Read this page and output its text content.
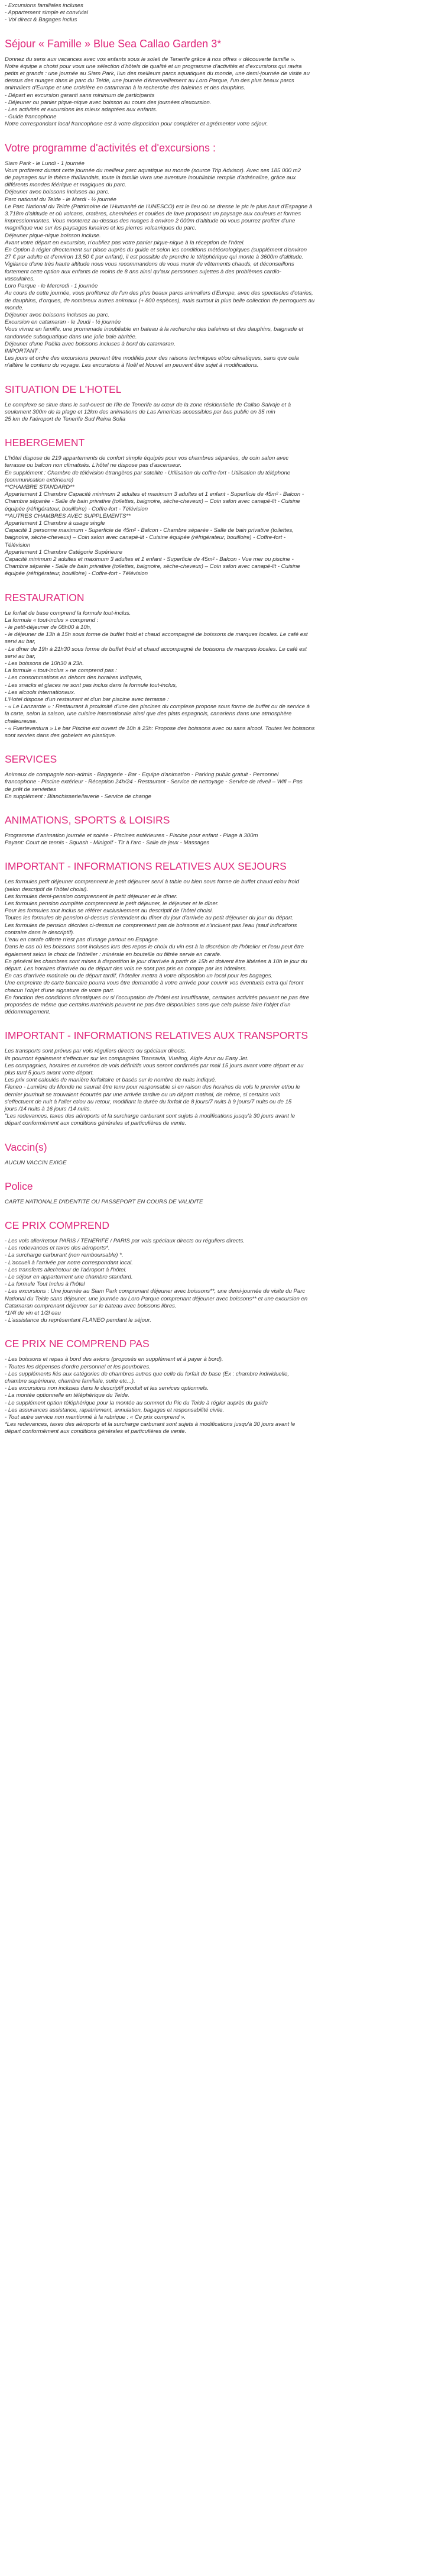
- Excursions familiales incluses

- Appartement simple et convivial

- Vol direct & Bagages inclus

Séjour « Famille » Blue Sea Callao Garden 3*

Donnez du sens aux vacances avec vos enfants sous le soleil de Tenerife grâce à nos offres « découverte famille ».

Notre équipe a choisi pour vous une sélection d'hôtels de qualité et un programme d'activités et d'excursions qui ravira

petits et grands : une journée au Siam Park, l'un des meilleurs parcs aquatiques du monde, une demi-journée de visite au

dessus des nuages dans le parc du Teide, une journée d'émerveillement au Loro Parque, l'un des plus beaux parcs

animaliers d'Europe et une croisière en catamaran à la recherche des baleines et des dauphins.

- Départ en excursion garanti sans minimum de participants

- Déjeuner ou panier pique-nique avec boisson au cours des journées d'excursion.

- Les activités et excursions les mieux adaptées aux enfants.

- Guide francophone

Notre correspondant local francophone est à votre disposition pour compléter et agrémenter votre séjour.

Votre programme d'activités et d'excursions :

Siam Park - le Lundi - 1 journée

Vous profiterez durant cette journée du meilleur parc aquatique au monde (source Trip Advisor). Avec ses 185 000 m2

de paysages sur le thème thaïlandais, toute la famille vivra une aventure inoubliable remplie d'adrénaline, grâce aux

différents mondes féérique et magiques du parc.

Déjeuner avec boissons incluses au parc.

Parc national du Teide - le Mardi - ½ journée

Le Parc National du Teide (Patrimoine de l'Humanité de l'UNESCO) est le lieu où se dresse le pic le plus haut d'Espagne à

3.718m d'altitude et où volcans, cratères, cheminées et coulées de lave proposent un paysage aux couleurs et formes

impressionnantes. Vous monterez au-dessus des nuages à environ 2 000m d'altitude où vous pourrez profiter d'une

magnifique vue sur les paysages lunaires et les pierres volcaniques du parc.

Déjeuner pique-nique boisson incluse.

Avant votre départ en excursion, n'oubliez pas votre panier pique-nique à la réception de l'hôtel.

En Option à régler directement sur place auprès du guide et selon les conditions météorologiques (supplément d'environ

27 € par adulte et d'environ 13,50 € par enfant), il est possible de prendre le téléphérique qui monte à 3600m d'altitude.

Vigilance d'une très haute altitude nous vous recommandons de vous munir de vêtements chauds, et déconseillons

fortement cette option aux enfants de moins de 8 ans ainsi qu'aux personnes sujettes à des problèmes cardio-

vasculaires.

Loro Parque - le Mercredi - 1 journée

Au cours de cette journée, vous profiterez de l'un des plus beaux parcs animaliers d'Europe, avec des spectacles d'otaries,

de dauphins, d'orques, de nombreux autres animaux (+ 800 espèces), mais surtout la plus belle collection de perroquets au

monde.

Déjeuner avec boissons incluses au parc.

Excursion en catamaran - le Jeudi - ½ journée

Vous vivrez en famille, une promenade inoubliable en bateau à la recherche des baleines et des dauphins, baignade et

randonnée subaquatique dans une jolie baie abritée.

Déjeuner d'une Paëlla avec boissons incluses à bord du catamaran.

IMPORTANT :

Les jours et ordre des excursions peuvent être modifiés pour des raisons techniques et/ou climatiques, sans que cela

n'altère le contenu du voyage. Les excursions à Noël et Nouvel an peuvent être sujet à modifications.

SITUATION DE L'HOTEL

Le complexe se situe dans le sud-ouest de l'île de Tenerife au cœur de la zone résidentielle de Callao Salvaje et à

seulement 300m de la plage et 12km des animations de Las Americas accessibles par bus public en 35 min

25 km de l'aéroport de Tenerife Sud Reina Sofia

HEBERGEMENT

L'hôtel dispose de 219 appartements de confort simple équipés pour vos chambres séparées, de coin salon avec

terrasse ou balcon non climatisés. L'hôtel ne dispose pas d'ascenseur.

En supplément : Chambre de télévision étrangères par satellite - Utilisation du coffre-fort - Utilisation du téléphone

(communication extérieure)

**CHAMBRE STANDARD**

Appartement 1 Chambre Capacité minimum 2 adultes et maximum 3 adultes et 1 enfant - Superficie de 45m² - Balcon -

Chambre séparée - Salle de bain privative (toilettes, baignoire, sèche-cheveux) – Coin salon avec canapé-lit - Cuisine

équipée (réfrigérateur, bouilloire) - Coffre-fort - Télévision

**AUTRES CHAMBRES AVEC SUPPLÉMENTS**

Appartement 1 Chambre à usage single

Capacité 1 personne maximum - Superficie de 45m² - Balcon - Chambre séparée - Salle de bain privative (toilettes,

baignoire, sèche-cheveux) – Coin salon avec canapé-lit - Cuisine équipée (réfrigérateur, bouilloire) - Coffre-fort -

Télévision

Appartement 1 Chambre Catégorie Supérieure

Capacité minimum 2 adultes et maximum 3 adultes et 1 enfant - Superficie de 45m² - Balcon - Vue mer ou piscine -

Chambre séparée - Salle de bain privative (toilettes, baignoire, sèche-cheveux) – Coin salon avec canapé-lit - Cuisine

équipée (réfrigérateur, bouilloire) - Coffre-fort - Télévision

RESTAURATION

Le forfait de base comprend la formule tout-inclus.

La formule « tout-inclus » comprend :

- le petit-déjeuner de 08h00 à 10h,

- le déjeuner de 13h à 15h sous forme de buffet froid et chaud accompagné de boissons de marques locales. Le café est

servi au bar,

- Le dîner de 19h à 21h30 sous forme de buffet froid et chaud accompagné de boissons de marques locales. Le café est

servi au bar,

- Les boissons de 10h30 à 23h.

La formule « tout-inclus » ne comprend pas :

- Les consommations en dehors des horaires indiqués,

- Les snacks et glaces ne sont pas inclus dans la formule tout-inclus,

- Les alcools internationaux.

L'Hotel dispose d'un restaurant et d'un bar piscine avec terrasse :

- « Le Lanzarote » : Restaurant à proximité d'une des piscines du complexe propose sous forme de buffet ou de service à

la carte, selon la saison, une cuisine internationale ainsi que des plats espagnols, canariens dans une atmosphère

chaleureuse.

- « Fuerteventura » Le bar Piscine est ouvert de 10h à 23h: Propose des boissons avec ou sans alcool. Toutes les boissons

sont servies dans des gobelets en plastique.

SERVICES

Animaux de compagnie non-admis - Bagagerie - Bar - Equipe d'animation - Parking public gratuit - Personnel

francophone - Piscine extérieur - Réception 24h/24 - Restaurant - Service de nettoyage - Service de réveil – Wifi – Pas

de prêt de serviettes

En supplément : Blanchisserie/laverie - Service de change

ANIMATIONS, SPORTS & LOISIRS

Programme d'animation journée et soirée - Piscines extérieures - Piscine pour enfant - Plage à 300m

Payant: Court de tennis - Squash - Minigolf - Tir à l'arc - Salle de jeux - Massages

IMPORTANT - INFORMATIONS RELATIVES AUX SEJOURS

Les formules petit déjeuner comprennent le petit déjeuner servi à table ou bien sous forme de buffet chaud et/ou froid

(selon descriptif de l'hôtel choisi).

Les formules demi-pension comprennent le petit déjeuner et le dîner.

Les formules pension complète comprennent le petit déjeuner, le déjeuner et le dîner.

Pour les formules tout inclus se référer exclusivement au descriptif de l'hôtel choisi.

Toutes les formules de pension ci-dessus s'entendent du dîner du jour d'arrivée au petit déjeuner du jour du départ.

Les formules de pension décrites ci-dessus ne comprennent pas de boissons et n'incluent pas l'eau (sauf indications

contraire dans le descriptif).

L'eau en carafe offerte n'est pas d'usage partout en Espagne.

Dans le cas où les boissons sont incluses lors des repas le choix du vin est à la discrétion de l'hôtelier et l'eau peut être

également selon le choix de l'hôtelier : minérale en bouteille ou filtrée servie en carafe.

En général les chambres sont mises à disposition le jour d'arrivée à partir de 15h et doivent être libérées à 10h le jour du

départ. Les horaires d'arrivée ou de départ des vols ne sont pas pris en compte par les hôteliers.

En cas d'arrivée matinale ou de départ tardif, l'hôtelier mettra à votre disposition un local pour les bagages.

Une empreinte de carte bancaire pourra vous être demandée à votre arrivée pour couvrir vos éventuels extra qui feront

chacun l'objet d'une signature de votre part.

En fonction des conditions climatiques ou si l'occupation de l'hôtel est insuffisante, certaines activités peuvent ne pas être

proposées de même que certains matériels peuvent ne pas être disponibles sans que cela puisse faire l'objet d'un

dédommagement.

IMPORTANT - INFORMATIONS RELATIVES AUX TRANSPORTS

Les transports sont prévus par vols réguliers directs ou spéciaux directs.

Ils pourront également s'effectuer sur les compagnies Transavia, Vueling, Aigle Azur ou Easy Jet.

Les compagnies, horaires et numéros de vols définitifs vous seront confirmés par mail 15 jours avant votre départ et au

plus tard 5 jours avant votre départ.

Les prix sont calculés de manière forfaitaire et basés sur le nombre de nuits indiqué.

Fleneo - Lumière du Monde ne saurait être tenu pour responsable si en raison des horaires de vols le premier et/ou le

dernier jour/nuit se trouvaient écourtés par une arrivée tardive ou un départ matinal, de même, si certains vols

s'effectuent de nuit à l'aller et/ou au retour, modifiant la durée du forfait de 8 jours/7 nuits à 9 jours/7 nuits ou de 15

jours /14 nuits à 16 jours /14 nuits.

"Les redevances, taxes des aéroports et la surcharge carburant sont sujets à modifications jusqu'à 30 jours avant le

départ conformément aux conditions générales et particulières de vente.

Vaccin(s)

AUCUN VACCIN EXIGE

Police

CARTE NATIONALE D'IDENTITE OU PASSEPORT EN COURS DE VALIDITE

CE PRIX COMPREND

- Les vols aller/retour PARIS / TENERIFE / PARIS par vols spéciaux directs ou réguliers directs.

- Les redevances et taxes des aéroports*.

- La surcharge carburant (non remboursable) *.

- L'accueil à l'arrivée par notre correspondant local.

- Les transferts aller/retour de l'aéroport à l'hôtel.

- Le séjour en appartement une chambre standard.

- La formule Tout Inclus à l'hôtel

- Les excursions : Une journée au Siam Park comprenant déjeuner avec boissons**, une demi-journée de visite du Parc

National du Teide sans déjeuner, une journée au Loro Parque comprenant déjeuner avec boissons** et une excursion en

Catamaran comprenant déjeuner sur le bateau avec boissons libres.

*1/4l de vin et 1/2l eau

- L'assistance du représentant FLANEO pendant le séjour.

CE PRIX NE COMPREND PAS

- Les boissons et repas à bord des avions (proposés en supplément et à payer à bord).

- Toutes les dépenses d'ordre personnel et les pourboires.

- Les suppléments liés aux catégories de chambres autres que celle du forfait de base (Ex : chambre individuelle,

chambre supérieure, chambre familiale, suite etc...).

- Les excursions non incluses dans le descriptif produit et les services optionnels.

- La montée optionnelle en téléphérique du Teide.

- Le supplément option téléphérique pour la montée au sommet du Pic du Teide à régler auprès du guide

- Les assurances assistance, rapatriement, annulation, bagages et responsabilité civile.

- Tout autre service non mentionné à la rubrique : « Ce prix comprend ».

*Les redevances, taxes des aéroports et la surcharge carburant sont sujets à modifications jusqu'à 30 jours avant le

départ conformément aux conditions générales et particulières de vente.
